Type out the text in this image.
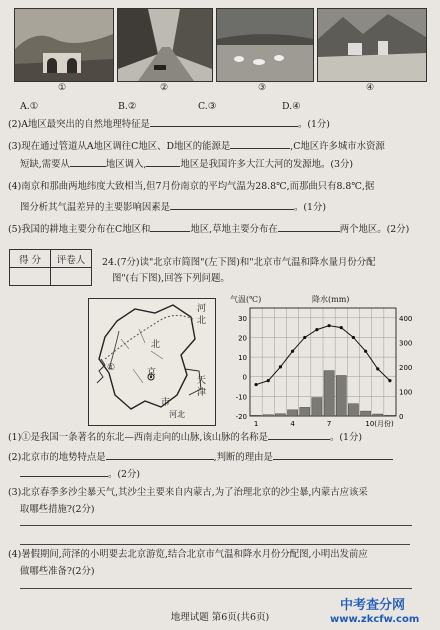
①	②	③	④
A.①	B.②	C.③	D.④
(2)A地区最突出的自然地理特征是	。(1分)
(3)现在通过管道从A地区调往C地区、D地区的能源是	,C地区许多城市水资源
短缺,需要从	地区调入,	地区是我国许多大江大河的发源地。(3分)
(4)南京和那曲两地纬度大致相当,但7月份南京的平均气温为28.8℃,而那曲只有8.8℃,据
图分析其气温差异的主要影响因素是	。(1分)
(5)我国的耕地主要分布在C地区和	地区,草地主要分布在	两个地区。(2分)
得 分	评卷人
	24.(7分)读"北京市简图"(左下图)和"北京市气温和降水量月份分配
图"(右下图),回答下列问题。
河
北
北
京
市
天
津
河北
①
气温(℃)	降水(mm)
30
20
10
0
-10
-20
400
300
200
100
0
1	4	7	10(月份)
(1)①是我国一条著名的东北—西南走向的山脉,该山脉的名称是	。(1分)
(2)北京市的地势特点是	,判断的理由是
。(2分)
(3)北京春季多沙尘暴天气,其沙尘主要来自内蒙古,为了治理北京的沙尘暴,内蒙古应该采
取哪些措施?(2分)
(4)暑假期间,菏泽的小明要去北京游览,结合北京市气温和降水月份分配图,小明出发前应
做哪些准备?(2分)
地理试题 第6页(共6页)
中考查分网
www.zkcfw.com
